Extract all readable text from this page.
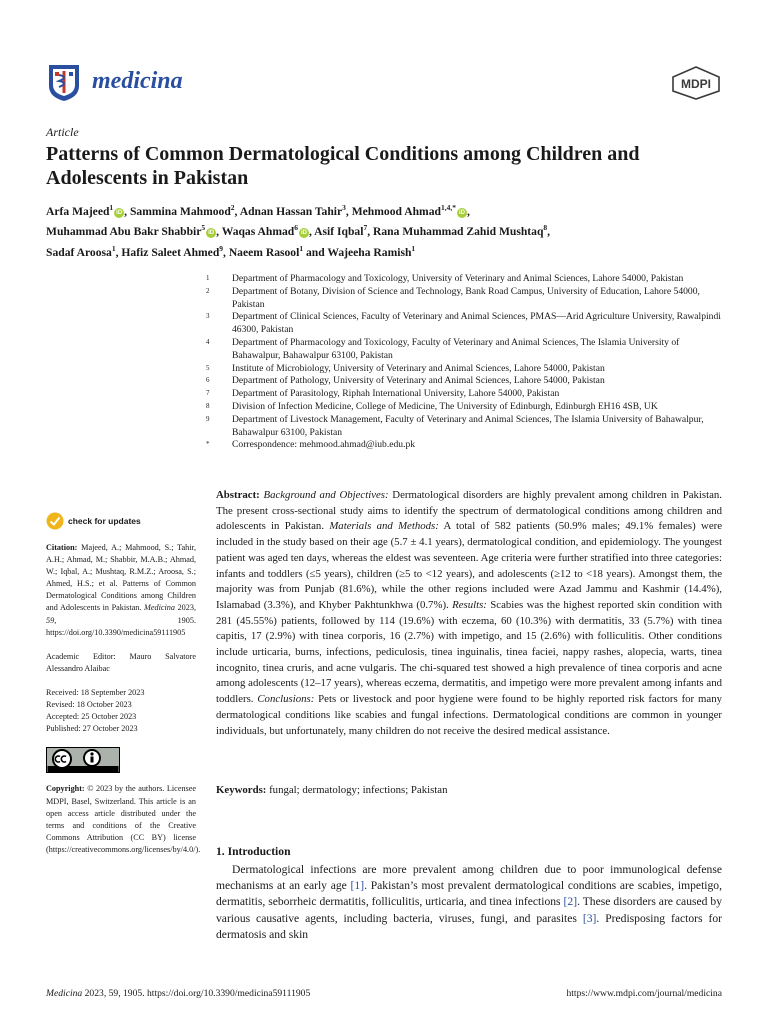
medicina	MDPI
Article
Patterns of Common Dermatological Conditions among Children and Adolescents in Pakistan
Arfa Majeed$^1$iD , Sammina Mahmood$^2$, Adnan Hassan Tahir$^3$, Mehmood Ahmad$^{1,4,*}$iD ,
Muhammad Abu Bakr Shabbir$^5$iD , Waqas Ahmad$^6$iD , Asif Iqbal$^7$, Rana Muhammad Zahid Mushtaq$^8$,
Sadaf Aroosa$^1$, Hafiz Saleet Ahmed$^9$, Naeem Rasool$^1$ and Wajeeha Ramish$^1$
1	Department of Pharmacology and Toxicology, University of Veterinary and Animal Sciences, Lahore 54000, Pakistan
2	Department of Botany, Division of Science and Technology, Bank Road Campus, University of Education, Lahore 54000, Pakistan
3	Department of Clinical Sciences, Faculty of Veterinary and Animal Sciences, PMAS—Arid Agriculture University, Rawalpindi 46300, Pakistan
4	Department of Pharmacology and Toxicology, Faculty of Veterinary and Animal Sciences, The Islamia University of Bahawalpur, Bahawalpur 63100, Pakistan
5	Institute of Microbiology, University of Veterinary and Animal Sciences, Lahore 54000, Pakistan
6	Department of Pathology, University of Veterinary and Animal Sciences, Lahore 54000, Pakistan
7	Department of Parasitology, Riphah International University, Lahore 54000, Pakistan
8	Division of Infection Medicine, College of Medicine, The University of Edinburgh, Edinburgh EH16 4SB, UK
9	Department of Livestock Management, Faculty of Veterinary and Animal Sciences, The Islamia University of Bahawalpur, Bahawalpur 63100, Pakistan
*	Correspondence: mehmood.ahmad@iub.edu.pk
Abstract: Background and Objectives: Dermatological disorders are highly prevalent among children in Pakistan. The present cross-sectional study aims to identify the spectrum of dermatological conditions among children and adolescents in Pakistan. Materials and Methods: A total of 582 patients (50.9% males; 49.1% females) were included in the study based on their age (5.7 ± 4.1 years), dermatological condition, and epidemiology. The youngest patient was aged ten days, whereas the eldest was seventeen. Age criteria were further stratified into three categories: infants and toddlers (≤5 years), children (≥5 to <12 years), and adolescents (≥12 to <18 years). Amongst them, the majority was from Punjab (81.6%), while the other regions included were Azad Jammu and Kashmir (14.4%), Islamabad (3.3%), and Khyber Pakhtunkhwa (0.7%). Results: Scabies was the highest reported skin condition with 281 (45.55%) patients, followed by 114 (19.6%) with eczema, 60 (10.3%) with dermatitis, 33 (5.7%) with tinea capitis, 17 (2.9%) with tinea corporis, 16 (2.7%) with impetigo, and 15 (2.6%) with folliculitis. Other conditions include urticaria, burns, infections, pediculosis, tinea inguinalis, tinea faciei, nappy rashes, alopecia, warts, tinea incognito, tinea cruris, and acne vulgaris. The chi-squared test showed a high prevalence of tinea corporis and acne among adolescents (12–17 years), whereas eczema, dermatitis, and impetigo were more prevalent among infants and toddlers. Conclusions: Pets or livestock and poor hygiene were found to be highly reported risk factors for many dermatological conditions like scabies and fungal infections. Dermatological conditions are common in younger individuals, but unfortunately, many children do not receive the desired medical assistance.
Keywords: fungal; dermatology; infections; Pakistan
check for updates
Citation: Majeed, A.; Mahmood, S.; Tahir, A.H.; Ahmad, M.; Shabbir, M.A.B.; Ahmad, W.; Iqbal, A.; Mushtaq, R.M.Z.; Aroosa, S.; Ahmed, H.S.; et al. Patterns of Common Dermatological Conditions among Children and Adolescents in Pakistan. Medicina 2023, 59, 1905. https://doi.org/10.3390/medicina59111905
Academic Editor: Mauro Salvatore Alessandro Alaibac
Received: 18 September 2023
Revised: 18 October 2023
Accepted: 25 October 2023
Published: 27 October 2023
Copyright: © 2023 by the authors. Licensee MDPI, Basel, Switzerland. This article is an open access article distributed under the terms and conditions of the Creative Commons Attribution (CC BY) license (https://creativecommons.org/licenses/by/4.0/). 1. Introduction
Dermatological infections are more prevalent among children due to poor immunological defense mechanisms at an early age [1]. Pakistan’s most prevalent dermatological conditions are scabies, impetigo, dermatitis, seborrheic dermatitis, folliculitis, urticaria, and tinea infections [2]. These disorders are caused by various causative agents, including bacteria, viruses, fungi, and parasites [3]. Predisposing factors for dermatosis and skin
Medicina 2023, 59, 1905. https://doi.org/10.3390/medicina59111905	https://www.mdpi.com/journal/medicina
